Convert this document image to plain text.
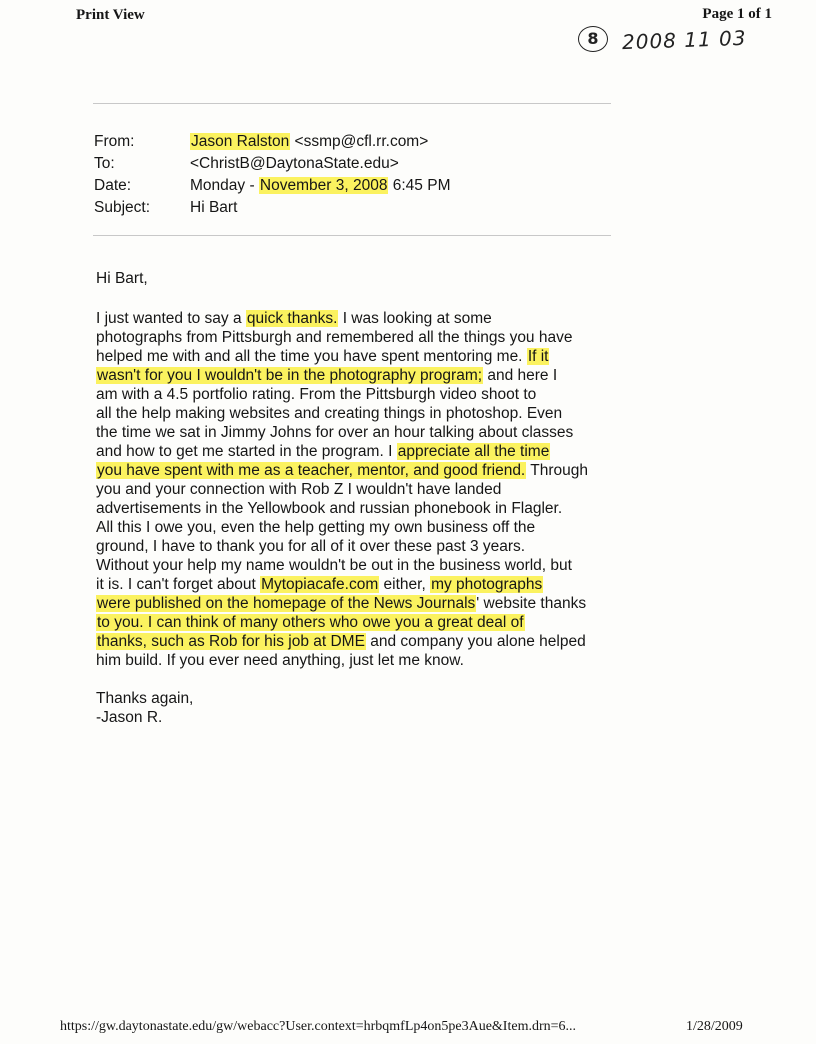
Print View	Page 1 of 1
8	2008 11 03
From:	Jason Ralston <ssmp@cfl.rr.com>
To:	<ChristB@DaytonaState.edu>
Date:	Monday - November 3, 2008 6:45 PM
Subject:	Hi Bart
Hi Bart,
I just wanted to say a quick thanks. I was looking at some
photographs from Pittsburgh and remembered all the things you have
helped me with and all the time you have spent mentoring me. If it
wasn't for you I wouldn't be in the photography program; and here I
am with a 4.5 portfolio rating. From the Pittsburgh video shoot to
all the help making websites and creating things in photoshop. Even
the time we sat in Jimmy Johns for over an hour talking about classes
and how to get me started in the program. I appreciate all the time
you have spent with me as a teacher, mentor, and good friend. Through
you and your connection with Rob Z I wouldn't have landed
advertisements in the Yellowbook and russian phonebook in Flagler.
All this I owe you, even the help getting my own business off the
ground, I have to thank you for all of it over these past 3 years.
Without your help my name wouldn't be out in the business world, but
it is. I can't forget about Mytopiacafe.com either, my photographs
were published on the homepage of the News Journals' website thanks
to you. I can think of many others who owe you a great deal of
thanks, such as Rob for his job at DME and company you alone helped
him build. If you ever need anything, just let me know.
Thanks again,
-Jason R.
https://gw.daytonastate.edu/gw/webacc?User.context=hrbqmfLp4on5pe3Aue&Item.drn=6...	1/28/2009
